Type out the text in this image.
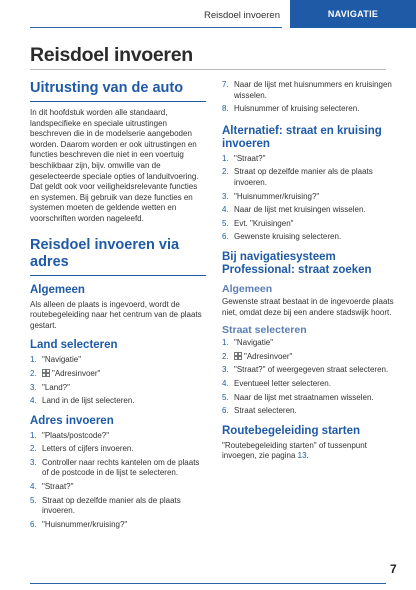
Reisdoel invoeren	NAVIGATIE
Reisdoel invoeren
Uitrusting van de auto
In dit hoofdstuk worden alle standaard, landspecifieke en speciale uitrustingen beschreven die in de modelserie aangeboden worden. Daarom worden er ook uitrustingen en functies beschreven die niet in een voertuig beschikbaar zijn, bijv. omwille van de geselecteerde speciale opties of landuitvoering. Dat geldt ook voor veiligheidsrelevante functies en systemen. Bij gebruik van deze functies en systemen moeten de geldende wetten en voorschriften worden nageleefd.
Reisdoel invoeren via adres
Algemeen
Als alleen de plaats is ingevoerd, wordt de routebegeleiding naar het centrum van de plaats gestart.
Land selecteren
1. "Navigatie"
2. "Adresinvoer"
3. "Land?"
4. Land in de lijst selecteren.
Adres invoeren
1. "Plaats/postcode?"
2. Letters of cijfers invoeren.
3. Controller naar rechts kantelen om de plaats of de postcode in de lijst te selecteren.
4. "Straat?"
5. Straat op dezelfde manier als de plaats invoeren.
6. "Huisnummer/kruising?"
7. Naar de lijst met huisnummers en kruisingen wisselen.
8. Huisnummer of kruising selecteren.
Alternatief: straat en kruising invoeren
1. "Straat?"
2. Straat op dezelfde manier als de plaats invoeren.
3. "Huisnummer/kruising?"
4. Naar de lijst met kruisingen wisselen.
5. Evt. "Kruisingen"
6. Gewenste kruising selecteren.
Bij navigatiesysteem Professional: straat zoeken
Algemeen
Gewenste straat bestaat in de ingevoerde plaats niet, omdat deze bij een andere stadswijk hoort.
Straat selecteren
1. "Navigatie"
2. "Adresinvoer"
3. "Straat?" of weergegeven straat selecteren.
4. Eventueel letter selecteren.
5. Naar de lijst met straatnamen wisselen.
6. Straat selecteren.
Routebegeleiding starten
"Routebegeleiding starten" of tussenpunt invoegen, zie pagina 13.
7
